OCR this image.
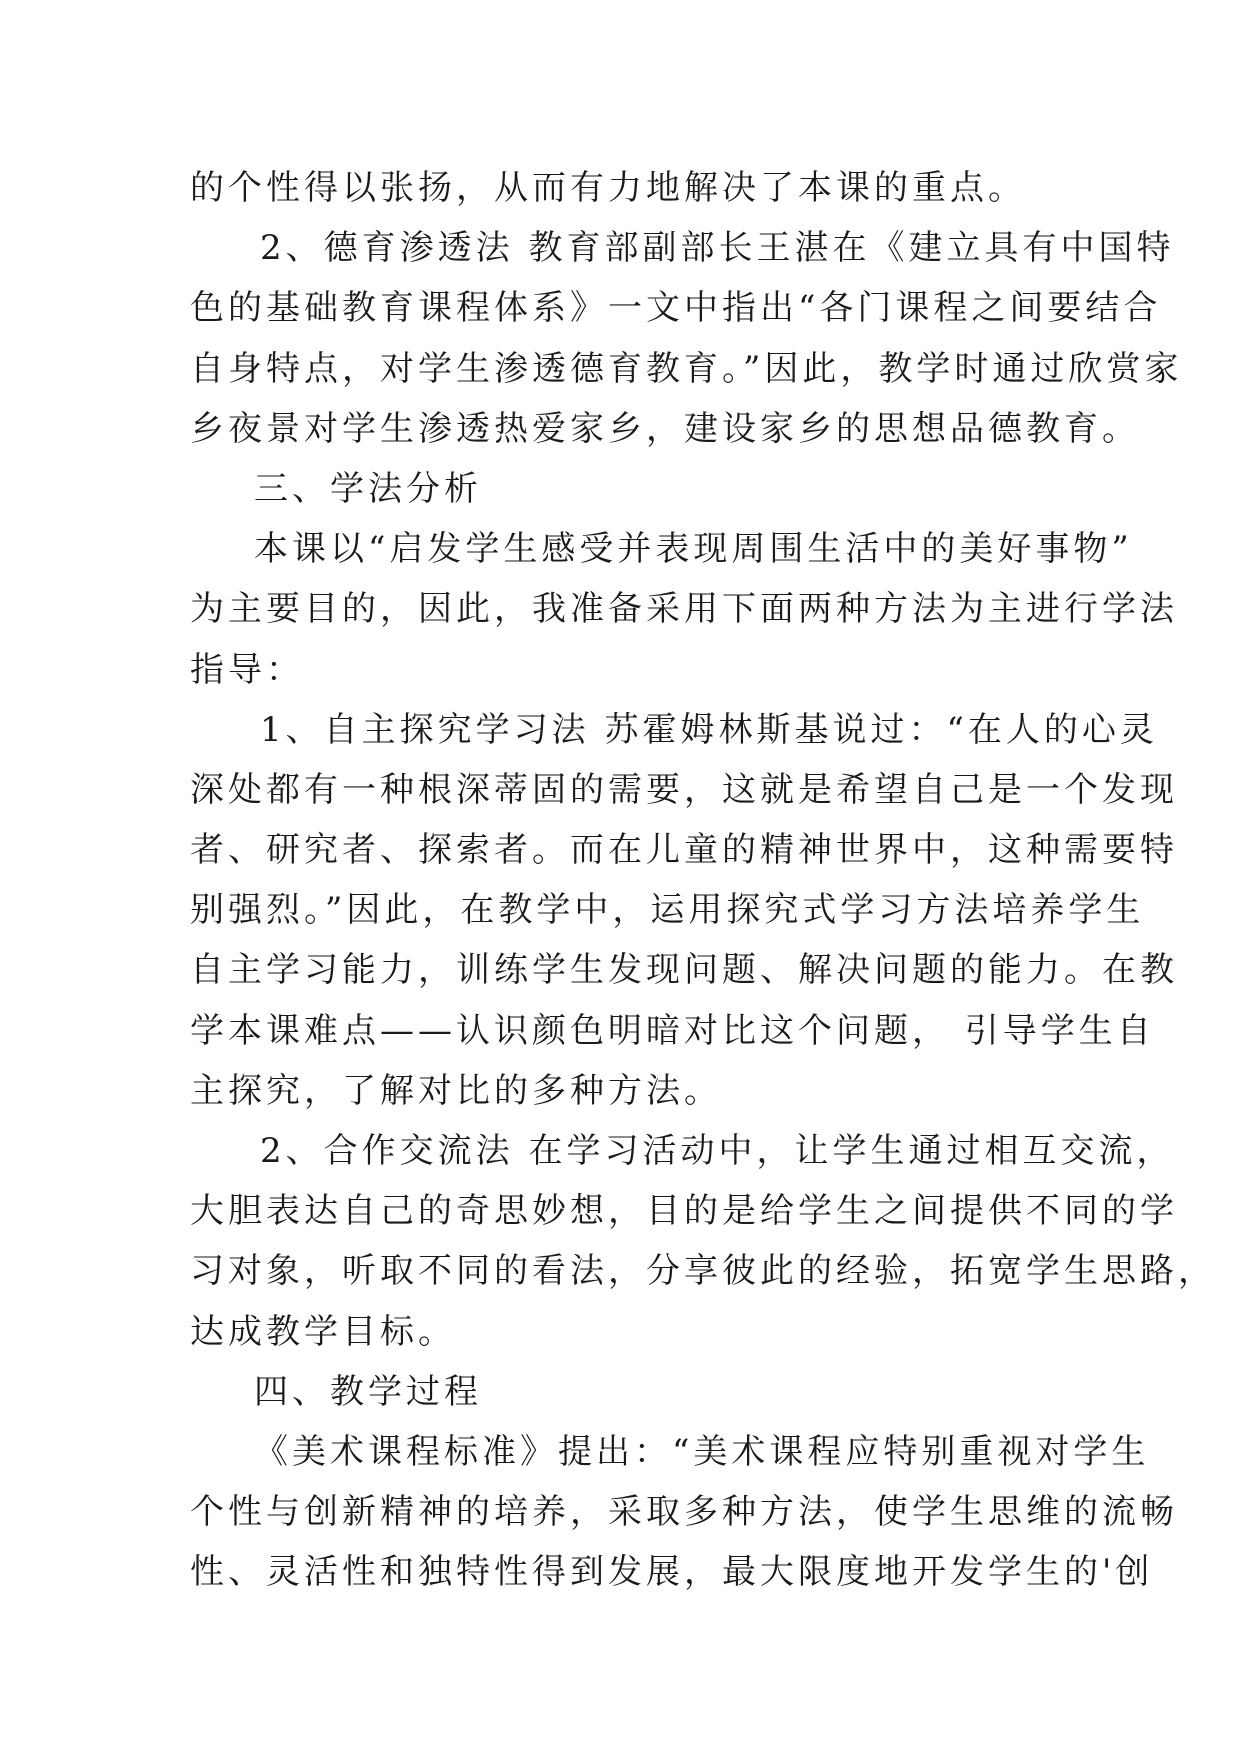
的个性得以张扬，从而有力地解决了本课的重点。
2、德育渗透法 教育部副部长王湛在《建立具有中国特
色的基础教育课程体系》一文中指出“各门课程之间要结合
自身特点，对学生渗透德育教育。”因此，教学时通过欣赏家
乡夜景对学生渗透热爱家乡，建设家乡的思想品德教育。
三、学法分析
本课以“启发学生感受并表现周围生活中的美好事物”
为主要目的，因此，我准备采用下面两种方法为主进行学法
指导：
1、自主探究学习法 苏霍姆林斯基说过：“在人的心灵
深处都有一种根深蒂固的需要，这就是希望自己是一个发现
者、研究者、探索者。而在儿童的精神世界中，这种需要特
别强烈。”因此，在教学中，运用探究式学习方法培养学生
自主学习能力，训练学生发现问题、解决问题的能力。在教
学本课难点——认识颜色明暗对比这个问题， 引导学生自
主探究，了解对比的多种方法。
2、合作交流法 在学习活动中，让学生通过相互交流，
大胆表达自己的奇思妙想，目的是给学生之间提供不同的学
习对象，听取不同的看法，分享彼此的经验，拓宽学生思路，
达成教学目标。
四、教学过程
《美术课程标准》提出：“美术课程应特别重视对学生
个性与创新精神的培养，采取多种方法，使学生思维的流畅
性、灵活性和独特性得到发展，最大限度地开发学生的'创
